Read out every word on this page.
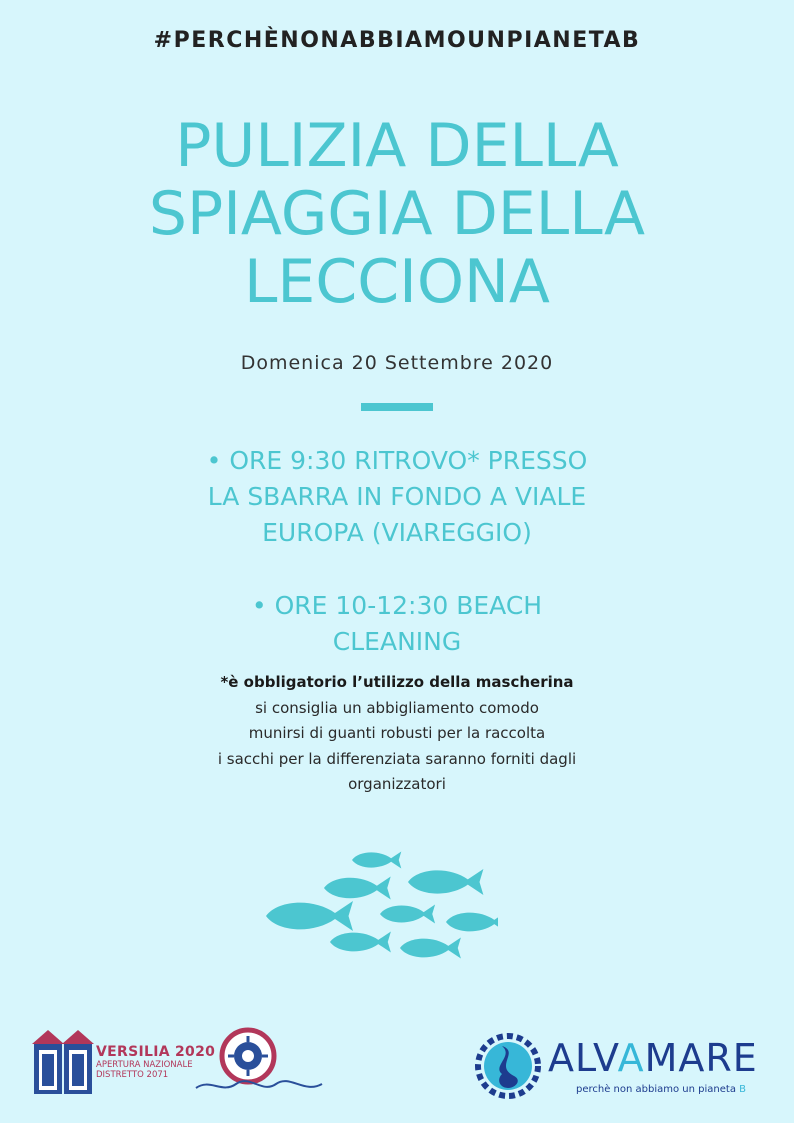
#PERCHÈNONABBIAMOUNPIANETAB
PULIZIA DELLA
SPIAGGIA DELLA
LECCIONA
Domenica 20 Settembre 2020
• ORE 9:30 RITROVO* PRESSO
LA SBARRA IN FONDO A VIALE
EUROPA (VIAREGGIO)
• ORE 10-12:30 BEACH
CLEANING
*è obbligatorio l’utilizzo della mascherina
si consiglia un abbigliamento comodo
munirsi di guanti robusti per la raccolta
i sacchi per la differenziata saranno forniti dagli
organizzatori
VERSILIA 2020
APERTURA NAZIONALE
DISTRETTO 2071	ALVAMARE
perchè non abbiamo un pianeta B
